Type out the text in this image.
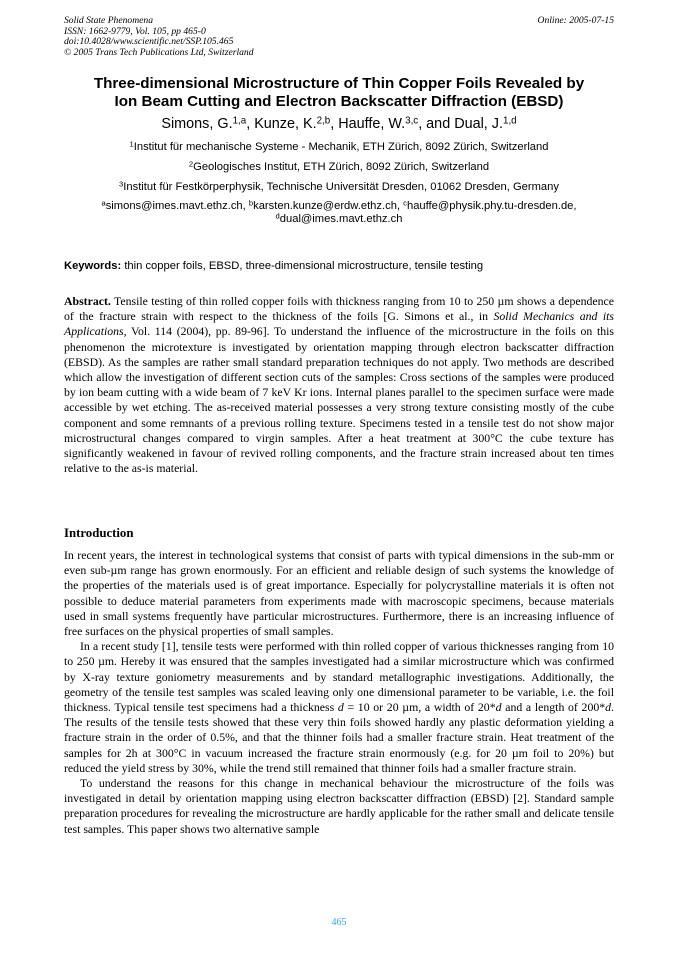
Solid State Phenomena
ISSN: 1662-9779, Vol. 105, pp 465-0
doi:10.4028/www.scientific.net/SSP.105.465
© 2005 Trans Tech Publications Ltd, Switzerland
Online: 2005-07-15
Three-dimensional Microstructure of Thin Copper Foils Revealed by
Ion Beam Cutting and Electron Backscatter Diffraction (EBSD)
Simons, G.$^{1,a}$, Kunze, K.$^{2,b}$, Hauffe, W.$^{3,c}$, and Dual, J.$^{1,d}$
$^1$Institut für mechanische Systeme - Mechanik, ETH Zürich, 8092 Zürich, Switzerland
$^2$Geologisches Institut, ETH Zürich, 8092 Zürich, Switzerland
$^3$Institut für Festkörperphysik, Technische Universität Dresden, 01062 Dresden, Germany
$^a$simons@imes.mavt.ethz.ch, $^b$karsten.kunze@erdw.ethz.ch, $^c$hauffe@physik.phy.tu-dresden.de,
$^d$dual@imes.mavt.ethz.ch
Keywords: thin copper foils, EBSD, three-dimensional microstructure, tensile testing
Abstract. Tensile testing of thin rolled copper foils with thickness ranging from 10 to 250 µm shows a dependence of the fracture strain with respect to the thickness of the foils [G. Simons et al., in Solid Mechanics and its Applications, Vol. 114 (2004), pp. 89-96]. To understand the influence of the microstructure in the foils on this phenomenon the microtexture is investigated by orientation mapping through electron backscatter diffraction (EBSD). As the samples are rather small standard preparation techniques do not apply. Two methods are described which allow the investigation of different section cuts of the samples: Cross sections of the samples were produced by ion beam cutting with a wide beam of 7 keV Kr ions. Internal planes parallel to the specimen surface were made accessible by wet etching. The as-received material possesses a very strong texture consisting mostly of the cube component and some remnants of a previous rolling texture. Specimens tested in a tensile test do not show major microstructural changes compared to virgin samples. After a heat treatment at 300°C the cube texture has significantly weakened in favour of revived rolling components, and the fracture strain increased about ten times relative to the as-is material.
Introduction

In recent years, the interest in technological systems that consist of parts with typical dimensions in the sub-mm or even sub-µm range has grown enormously. For an efficient and reliable design of such systems the knowledge of the properties of the materials used is of great importance. Especially for polycrystalline materials it is often not possible to deduce material parameters from experiments made with macroscopic specimens, because materials used in small systems frequently have particular microstructures. Furthermore, there is an increasing influence of free surfaces on the physical properties of small samples.

In a recent study [1], tensile tests were performed with thin rolled copper of various thicknesses ranging from 10 to 250 µm. Hereby it was ensured that the samples investigated had a similar microstructure which was confirmed by X-ray texture goniometry measurements and by standard metallographic investigations. Additionally, the geometry of the tensile test samples was scaled leaving only one dimensional parameter to be variable, i.e. the foil thickness. Typical tensile test specimens had a thickness d = 10 or 20 µm, a width of 20*d and a length of 200*d. The results of the tensile tests showed that these very thin foils showed hardly any plastic deformation yielding a fracture strain in the order of 0.5%, and that the thinner foils had a smaller fracture strain. Heat treatment of the samples for 2h at 300°C in vacuum increased the fracture strain enormously (e.g. for 20 µm foil to 20%) but reduced the yield stress by 30%, while the trend still remained that thinner foils had a smaller fracture strain.

To understand the reasons for this change in mechanical behaviour the microstructure of the foils was investigated in detail by orientation mapping using electron backscatter diffraction (EBSD) [2]. Standard sample preparation procedures for revealing the microstructure are hardly applicable for the rather small and delicate tensile test samples. This paper shows two alternative sample

465
